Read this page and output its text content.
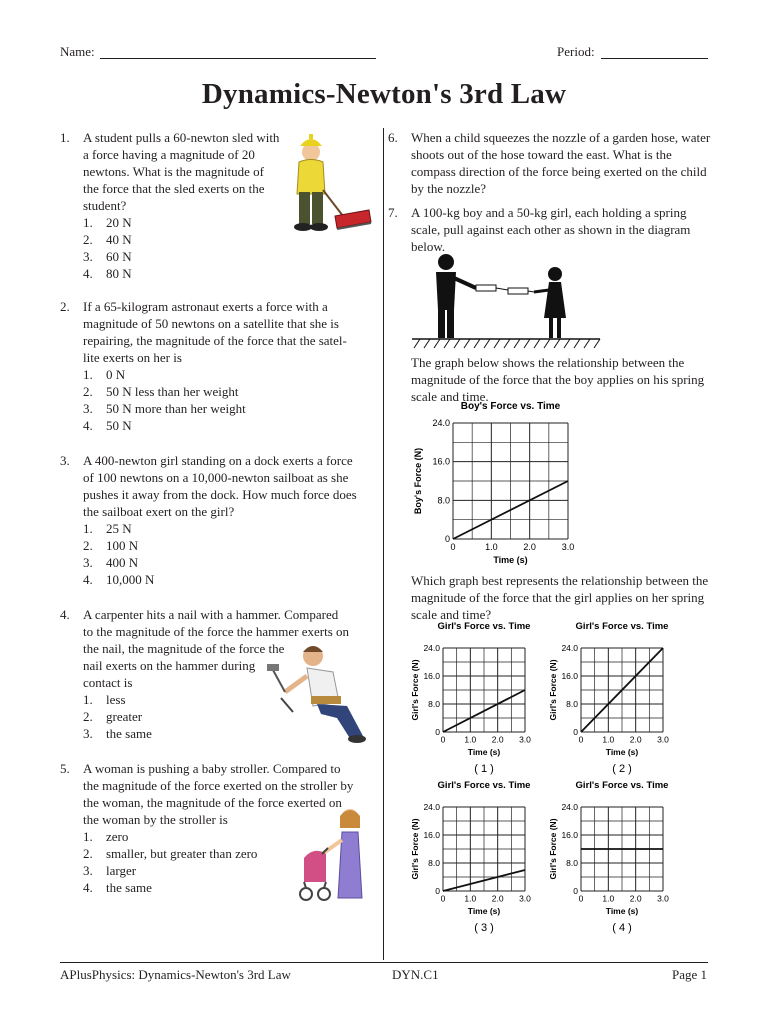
Name:	Period:
Dynamics-Newton's 3rd Law
1. A student pulls a 60-newton sled with
a force having a magnitude of 20
newtons. What is the magnitude of
the force that the sled exerts on the
student?
1. 20 N
2. 40 N
3. 60 N
4. 80 N
2. If a 65-kilogram astronaut exerts a force with a
magnitude of 50 newtons on a satellite that she is
repairing, the magnitude of the force that the satel-
lite exerts on her is
1. 0 N
2. 50 N less than her weight
3. 50 N more than her weight
4. 50 N
3. A 400-newton girl standing on a dock exerts a force
of 100 newtons on a 10,000-newton sailboat as she
pushes it away from the dock. How much force does
the sailboat exert on the girl?
1. 25 N
2. 100 N
3. 400 N
4. 10,000 N
4. A carpenter hits a nail with a hammer. Compared
to the magnitude of the force the hammer exerts on
the nail, the magnitude of the force the
nail exerts on the hammer during
contact is
1. less
2. greater
3. the same
5. A woman is pushing a baby stroller. Compared to
the magnitude of the force exerted on the stroller by
the woman, the magnitude of the force exerted on
the woman by the stroller is
1. zero
2. smaller, but greater than zero
3. larger
4. the same
6. When a child squeezes the nozzle of a garden hose, water
shoots out of the hose toward the east. What is the
compass direction of the force being exerted on the child
by the nozzle?
7. A 100-kg boy and a 50-kg girl, each holding a spring
scale, pull against each other as shown in the diagram
below.
The graph below shows the relationship between the
magnitude of the force that the boy applies on his spring
scale and time.
Which graph best represents the relationship between the
magnitude of the force that the girl applies on her spring
scale and time?
Boy's Force vs. Time
0	1.0	2.0	3.0
0
8.0
16.0
24.0
Time (s)
Boy's Force (N)
Girl's Force vs. Time
0 1.0 2.0 3.0
0
8.0
16.0
24.0
Time (s)
Girl's Force (N)
( 1 )
Girl's Force vs. Time
0 1.0 2.0 3.0
0
8.0
16.0
24.0
Time (s)
Girl's Force (N)
( 2 )
Girl's Force vs. Time
0 1.0 2.0 3.0
0
8.0
16.0
24.0
Time (s)
Girl's Force (N)
( 3 )
Girl's Force vs. Time
0 1.0 2.0 3.0
0
8.0
16.0
24.0
Time (s)
Girl's Force (N)
( 4 )
APlusPhysics: Dynamics-Newton's 3rd Law	DYN.C1	Page 1
